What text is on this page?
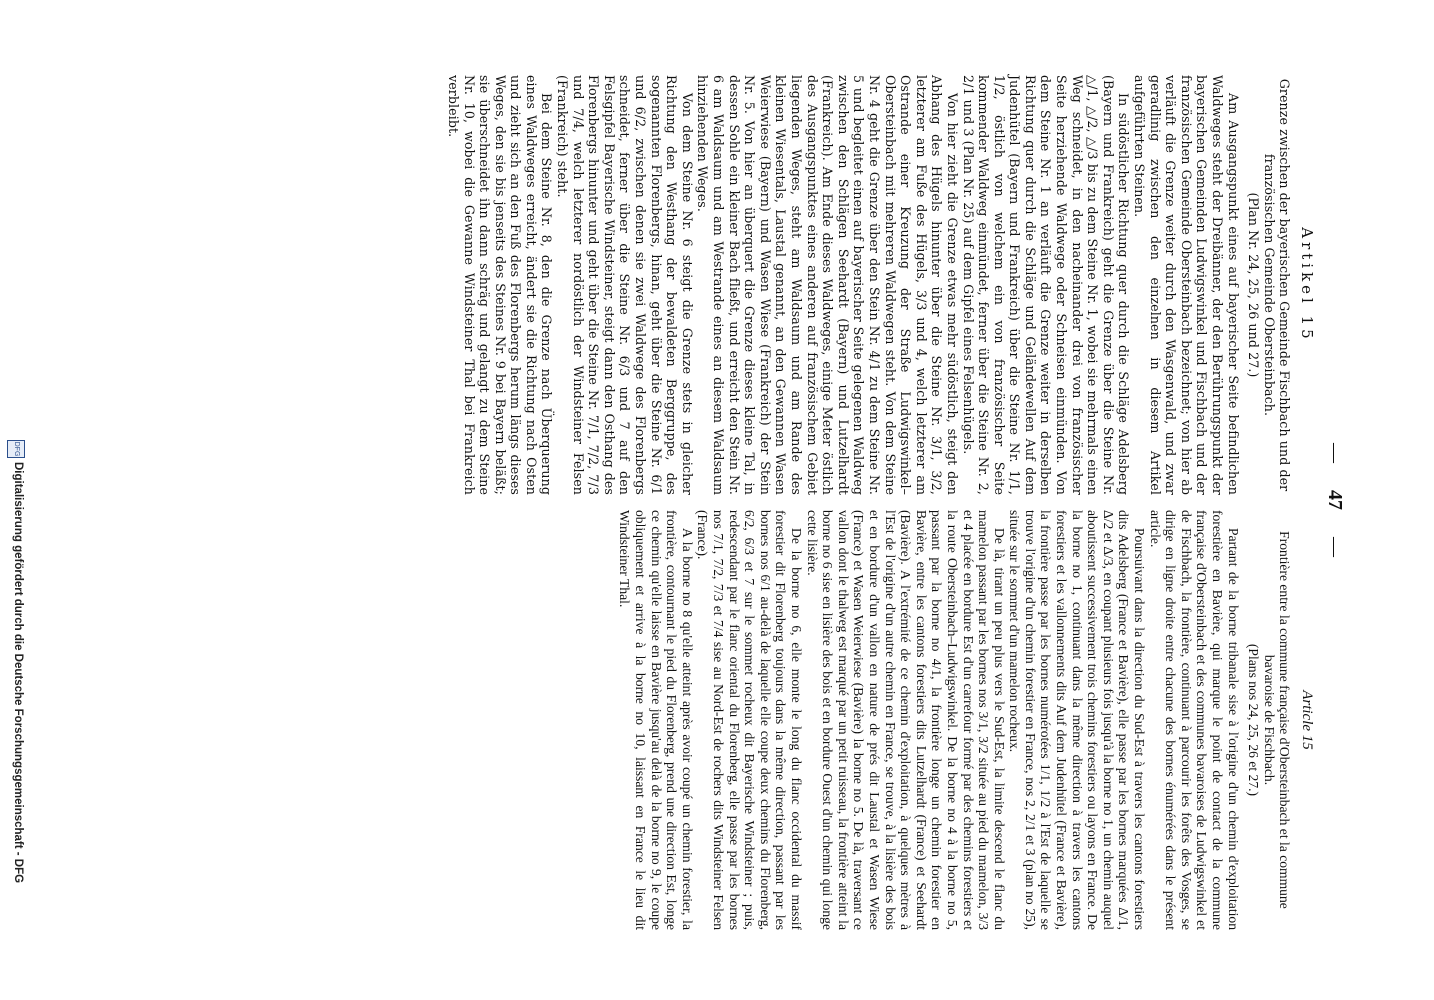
— 47 —
Artikel 15
Grenze zwischen der bayerischen Gemeinde Fischbach und der französischen Gemeinde Obersteinbach.
(Plan Nr. 24, 25, 26 und 27.)

Am Ausgangspunkt eines auf bayerischer Seite befindlichen Waldweges steht der Dreibänner, der den Berührungspunkt der bayerischen Gemeinden Ludwigswinkel und Fischbach und der französischen Gemeinde Obersteinbach bezeichnet; von hier ab verläuft die Grenze weiter durch den Wasgenwald, und zwar geradlinig zwischen den einzelnen in diesem Artikel aufgeführten Steinen.

In südöstlicher Richtung quer durch die Schläge Adelsberg (Bayern und Frankreich) geht die Grenze über die Steine Nr. △/1, △/2, △/3 bis zu dem Steine Nr. 1, wobei sie mehrmals einen Weg schneidet, in den nacheinander drei von französischer Seite herziehende Waldwege oder Schneisen einmünden. Von dem Steine Nr. 1 an verläuft die Grenze weiter in derselben Richtung quer durch die Schläge und Geländewellen Auf dem Judenhütel (Bayern und Frankreich) über die Steine Nr. 1/1, 1/2, östlich von welchem ein von französischer Seite kommender Waldweg einmündet, ferner über die Steine Nr. 2, 2/1 und 3 (Plan Nr. 25) auf dem Gipfel eines Felsenhügels.

Von hier zieht die Grenze etwas mehr südöstlich, steigt den Abhang des Hügels hinunter über die Steine Nr. 3/1, 3/2, letzterer am Fuße des Hügels, 3/3 und 4, welch letzterer am Ostrande einer Kreuzung der Straße Ludwigswinkel–Obersteinbach mit mehreren Waldwegen steht. Von dem Steine Nr. 4 geht die Grenze über den Stein Nr. 4/1 zu dem Steine Nr. 5 und begleitet einen auf bayerischer Seite gelegenen Waldweg zwischen den Schlägen Seehardt (Bayern) und Lutzelhardt (Frankreich). Am Ende dieses Waldweges, einige Meter östlich des Ausgangspunktes eines anderen auf französischem Gebiet liegenden Weges, steht am Waldsaum und am Rande des kleinen Wiesentals, Laustal genannt, an den Gewannen Wasen Weierwiese (Bayern) und Wasen Wiese (Frankreich) der Stein Nr. 5. Von hier an überquert die Grenze dieses kleine Tal, in dessen Sohle ein kleiner Bach fließt, und erreicht den Stein Nr. 6 am Waldsaum und am Westrande eines an diesem Waldsaum hinziehenden Weges.

Von dem Steine Nr. 6 steigt die Grenze stets in gleicher Richtung den Westhang der bewaldeten Berggruppe, des sogenannten Florenbergs, hinan, geht über die Steine Nr. 6/1 und 6/2, zwischen denen sie zwei Waldwege des Florenbergs schneidet, ferner über die Steine Nr. 6/3 und 7 auf den Felsgipfel Bayerische Windsteiner, steigt dann den Osthang des Florenbergs hinunter und geht über die Steine Nr. 7/1, 7/2, 7/3 und 7/4, welch letzterer nordöstlich der Windsteiner Felsen (Frankreich) steht.

Bei dem Steine Nr. 8, den die Grenze nach Überquerung eines Waldweges erreicht, ändert sie die Richtung nach Osten und zieht sich an den Fuß des Florenbergs herum längs dieses Weges, den sie bis jenseits des Steines Nr. 9 bei Bayern beläßt; sie überschneidet ihn dann schräg und gelangt zu dem Steine Nr. 10, wobei die Gewanne Windsteiner Thal bei Frankreich verbleibt.

Article 15
Frontière entre la commune française d'Obersteinbach et la commune bavaroise de Fischbach.
(Plans nos 24, 25, 26 et 27.)

Partant de la borne tribanale sise à l'origine d'un chemin d'exploitation forestière en Bavière, qui marque le point de contact de la commune française d'Obersteinbach et des communes bavaroises de Ludwigswinkel et de Fischbach, la frontière, continuant à parcourir les forêts des Vosges, se dirige en ligne droite entre chacune des bornes énumérées dans le présent article.

Poursuivant dans la direction du Sud-Est à travers les cantons forestiers dits Adelsberg (France et Bavière), elle passe par les bornes marquées Δ/1, Δ/2 et Δ/3, en coupant plusieurs fois jusqu'à la borne no 1, un chemin auquel aboutissent successivement trois chemins forestiers ou layons en France. De la borne no 1, continuant dans la même direction à travers les cantons forestiers et les vallonnements dits Auf dem Judenhütel (France et Bavière), la frontière passe par les bornes numérotées 1/1, 1/2 à l'Est de laquelle se trouve l'origine d'un chemin forestier en France, nos 2, 2/1 et 3 (plan no 25), située sur le sommet d'un mamelon rocheux.

De là, tirant un peu plus vers le Sud-Est, la limite descend le flanc du mamelon passant par les bornes nos 3/1, 3/2 située au pied du mamelon, 3/3 et 4 placée en bordure Est d'un carrefour formé par des chemins forestiers et la route Obersteinbach–Ludwigswinkel. De la borne no 4 à la borne no 5, passant par la borne no 4/1, la frontière longe un chemin forestier en Bavière, entre les cantons forestiers dits Lutzelhardt (France) et Seehardt (Bavière). A l'extrémité de ce chemin d'exploitation, à quelques mètres à l'Est de l'origine d'un autre chemin en France, se trouve, à la lisière des bois et en bordure d'un vallon en nature de prés dit Laustal et Wasen Wiese (France) et Wasen Weierwiese (Bavière) la borne no 5. De là, traversant ce vallon dont le thalweg est marqué par un petit ruisseau, la frontière atteint la borne no 6 sise en lisière des bois et en bordure Ouest d'un chemin qui longe cette lisière.

De la borne no 6, elle monte le long du flanc occidental du massif forestier dit Florenberg toujours dans la même direction, passant par les bornes nos 6/1 au-delà de laquelle elle coupe deux chemins du Florenberg, 6/2, 6/3 et 7 sur le sommet rocheux dit Bayerische Windsteiner ; puis, redescendant par le flanc oriental du Florenberg, elle passe par les bornes nos 7/1, 7/2, 7/3 et 7/4 sise au Nord-Est de rochers dits Windsteiner Felsen (France).

A la borne no 8 qu'elle atteint après avoir coupé un chemin forestier, la frontière, contournant le pied du Florenberg, prend une direction Est, longe ce chemin qu'elle laisse en Bavière jusqu'au delà de la borne no 9, le coupe obliquement et arrive à la borne no 10, laissant en France le lieu dit Windsteiner Thal.

DFG
Digitalisierung gefördert durch die Deutsche Forschungsgemeinschaft - DFG
